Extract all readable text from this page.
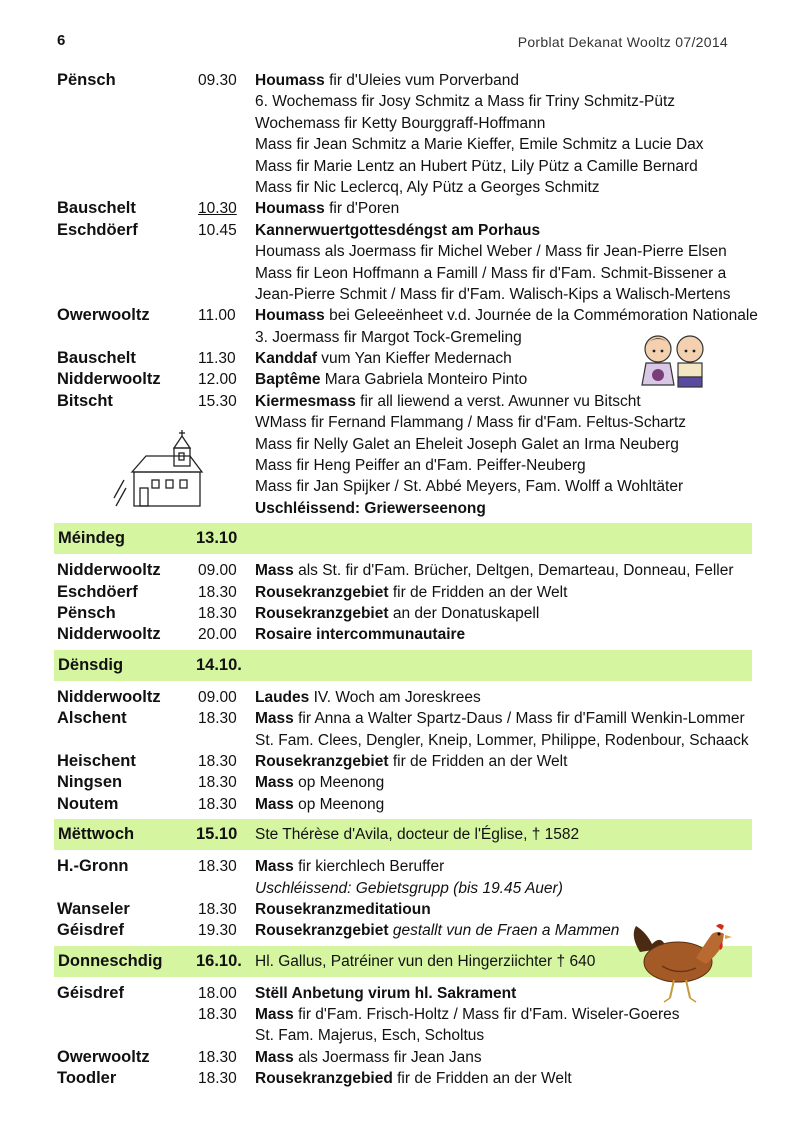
6	Porblat Dekanat Wooltz 07/2014
Pënsch	09.30 Houmass fir d'Uleies vum Porverband
6. Wochemass fir Josy Schmitz a Mass fir Triny Schmitz-Pütz
Wochemass fir Ketty Bourggraff-Hoffmann
Mass fir Jean Schmitz a Marie Kieffer, Emile Schmitz a Lucie Dax
Mass fir Marie Lentz an Hubert Pütz, Lily Pütz a Camille Bernard
Mass fir Nic Leclercq, Aly Pütz a Georges Schmitz
Bauschelt	10.30 Houmass fir d'Poren
Eschdöerf	10.45 Kannerwuertgottesdéngst am Porhaus
Houmass als Joermass fir Michel Weber / Mass fir Jean-Pierre Elsen
Mass fir Leon Hoffmann a Famill / Mass fir d'Fam. Schmit-Bissener a
Jean-Pierre Schmit / Mass fir d'Fam. Walisch-Kips a Walisch-Mertens
Owerwooltz	11.00 Houmass bei Geleeënheet v.d. Journée de la Commémoration Nationale
3. Joermass fir Margot Tock-Gremeling
Bauschelt	11.30 Kanddaf vum Yan Kieffer Medernach
Nidderwooltz 12.00 Baptême Mara Gabriela Monteiro Pinto
Bitscht	15.30 Kiermesmass fir all liewend a verst. Awunner vu Bitscht
WMass fir Fernand Flammang / Mass fir d'Fam. Feltus-Schartz
Mass fir Nelly Galet an Eheleit Joseph Galet an Irma Neuberg
Mass fir Heng Peiffer an d'Fam. Peiffer-Neuberg
Mass fir Jan Spijker / St. Abbé Meyers, Fam. Wolff a Wohltäter
Uschléissend: Griewerseenong
Méindeg	13.10
Nidderwooltz 09.00 Mass als St. fir d'Fam. Brücher, Deltgen, Demarteau, Donneau, Feller
Eschdöerf	18.30 Rousekranzgebiet fir de Fridden an der Welt
Pënsch	18.30 Rousekranzgebiet an der Donatuskapell
Nidderwooltz 20.00 Rosaire intercommunautaire
Dënsdig	14.10.
Nidderwooltz 09.00 Laudes IV. Woch am Joreskrees
Alschent	18.30 Mass fir Anna a Walter Spartz-Daus / Mass fir d'Famill Wenkin-Lommer
St. Fam. Clees, Dengler, Kneip, Lommer, Philippe, Rodenbour, Schaack
Heischent	18.30 Rousekranzgebiet fir de Fridden an der Welt
Ningsen	18.30 Mass op Meenong
Noutem	18.30 Mass op Meenong
Mëttwoch	15.10 Ste Thérèse d'Avila, docteur de l'Église, † 1582
H.-Gronn	18.30 Mass fir kierchlech Beruffer
Uschléissend: Gebietsgrupp (bis 19.45 Auer)
Wanseler	18.30 Rousekranzmeditatioun
Géisdref	19.30 Rousekranzgebiet gestallt vun de Fraen a Mammen
Donneschdig 16.10. Hl. Gallus, Patréiner vun den Hingerziichter † 640
Géisdref	18.00 Stëll Anbetung virum hl. Sakrament
18.30 Mass fir d'Fam. Frisch-Holtz / Mass fir d'Fam. Wiseler-Goeres
St. Fam. Majerus, Esch, Scholtus
Owerwooltz	18.30 Mass als Joermass fir Jean Jans
Toodler	18.30 Rousekranzgebied fir de Fridden an der Welt
